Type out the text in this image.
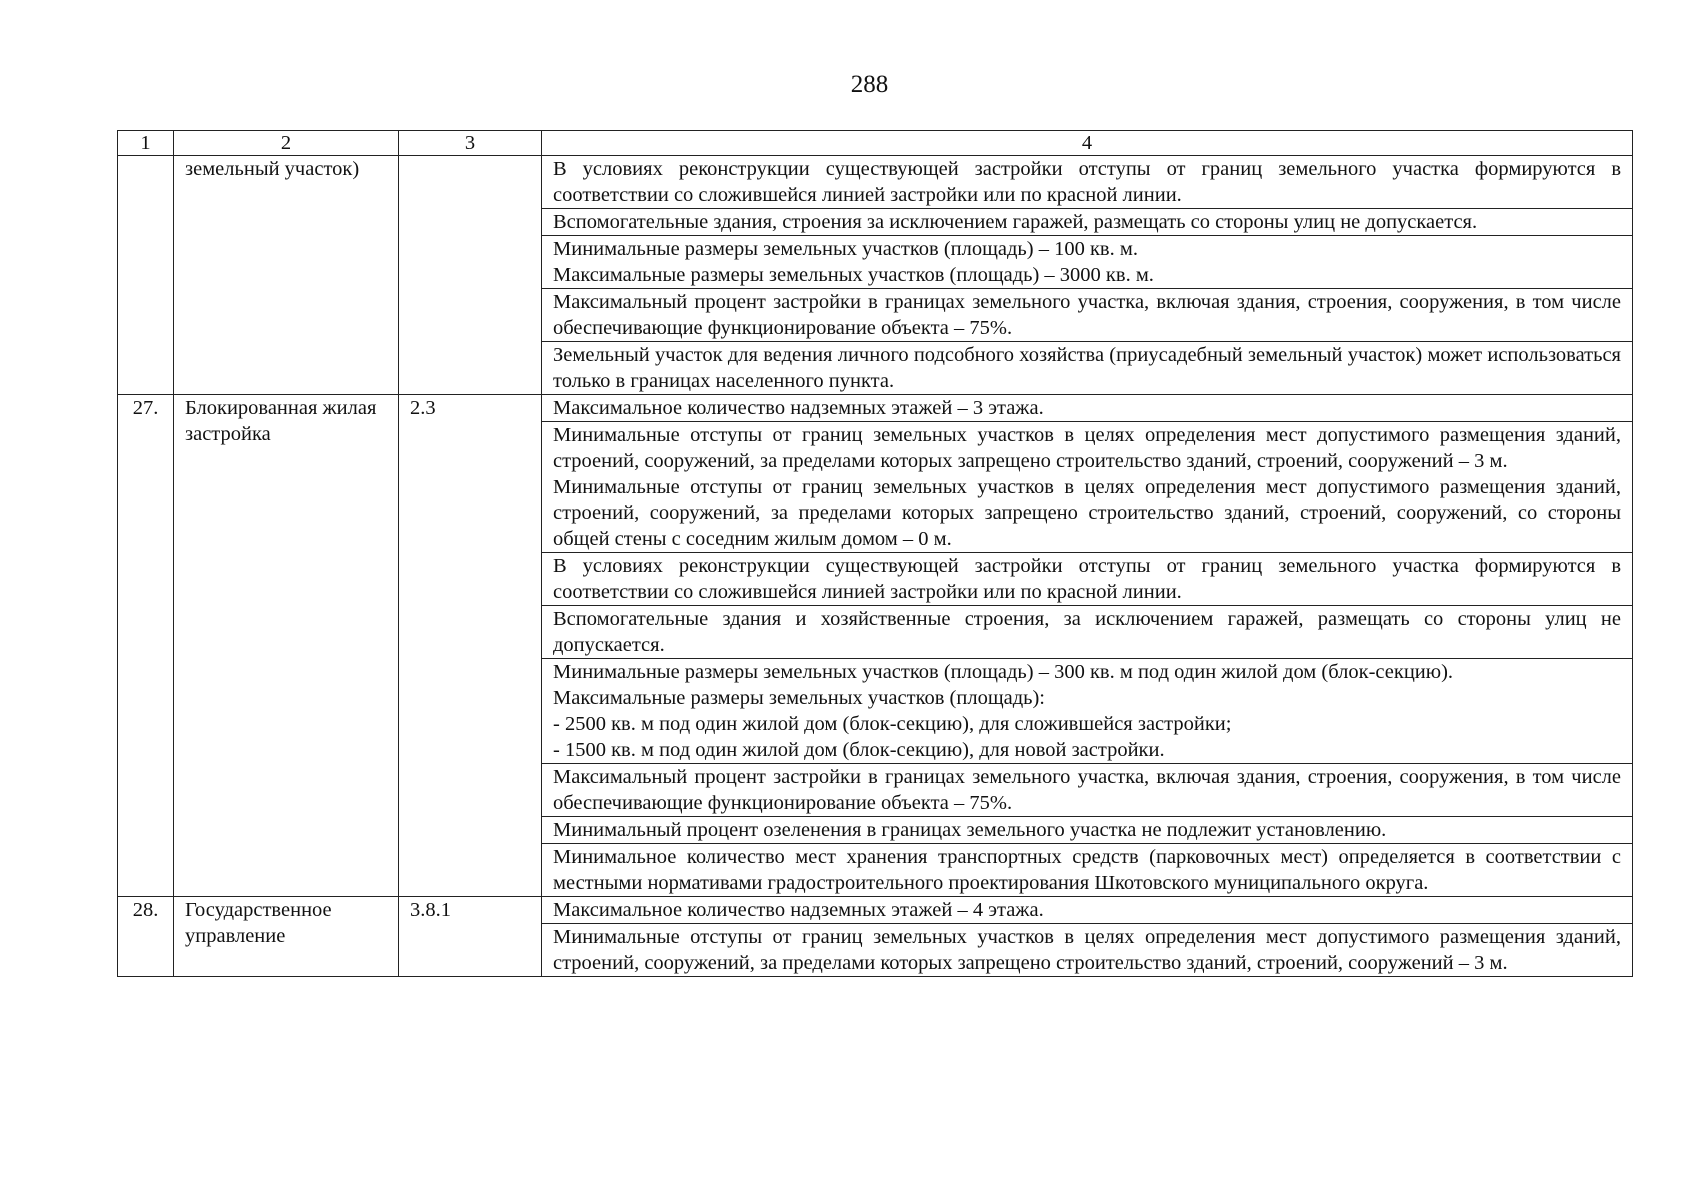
288
1	2	3	4
	земельный участок)		В условиях реконструкции существующей застройки отступы от границ земельного участка формируются в соответствии со сложившейся линией застройки или по красной линии.
			Вспомогательные здания, строения за исключением гаражей, размещать со стороны улиц не допускается.

			Минимальные размеры земельных участков (площадь) – 100 кв. м.
Максимальные размеры земельных участков (площадь) – 3000 кв. м.

			Максимальный процент застройки в границах земельного участка, включая здания, строения, сооружения, в том числе обеспечивающие функционирование объекта – 75%.
			Земельный участок для ведения личного подсобного хозяйства (приусадебный земельный участок) может использоваться только в границах населенного пункта.
27.	Блокированная жилая застройка	2.3	Максимальное количество надземных этажей – 3 этажа.

			Минимальные отступы от границ земельных участков в целях определения мест допустимого размещения зданий, строений, сооружений, за пределами которых запрещено строительство зданий, строений, сооружений – 3 м.
Минимальные отступы от границ земельных участков в целях определения мест допустимого размещения зданий, строений, сооружений, за пределами которых запрещено строительство зданий, строений, сооружений, со стороны общей стены с соседним жилым домом – 0 м.

			В условиях реконструкции существующей застройки отступы от границ земельного участка формируются в соответствии со сложившейся линией застройки или по красной линии.
			Вспомогательные здания и хозяйственные строения, за исключением гаражей, размещать со стороны улиц не допускается.

			Минимальные размеры земельных участков (площадь) – 300 кв. м под один жилой дом (блок-секцию).
Максимальные размеры земельных участков (площадь):
- 2500 кв. м под один жилой дом (блок-секцию), для сложившейся застройки;
- 1500 кв. м под один жилой дом (блок-секцию), для новой застройки.

			Максимальный процент застройки в границах земельного участка, включая здания, строения, сооружения, в том числе обеспечивающие функционирование объекта – 75%.
			Минимальный процент озеленения в границах земельного участка не подлежит установлению.
			Минимальное количество мест хранения транспортных средств (парковочных мест) определяется в соответствии с местными нормативами градостроительного проектирования Шкотовского муниципального округа.
28.	Государственное управление	3.8.1	Максимальное количество надземных этажей – 4 этажа.
			Минимальные отступы от границ земельных участков в целях определения мест допустимого размещения зданий, строений, сооружений, за пределами которых запрещено строительство зданий, строений, сооружений – 3 м.
